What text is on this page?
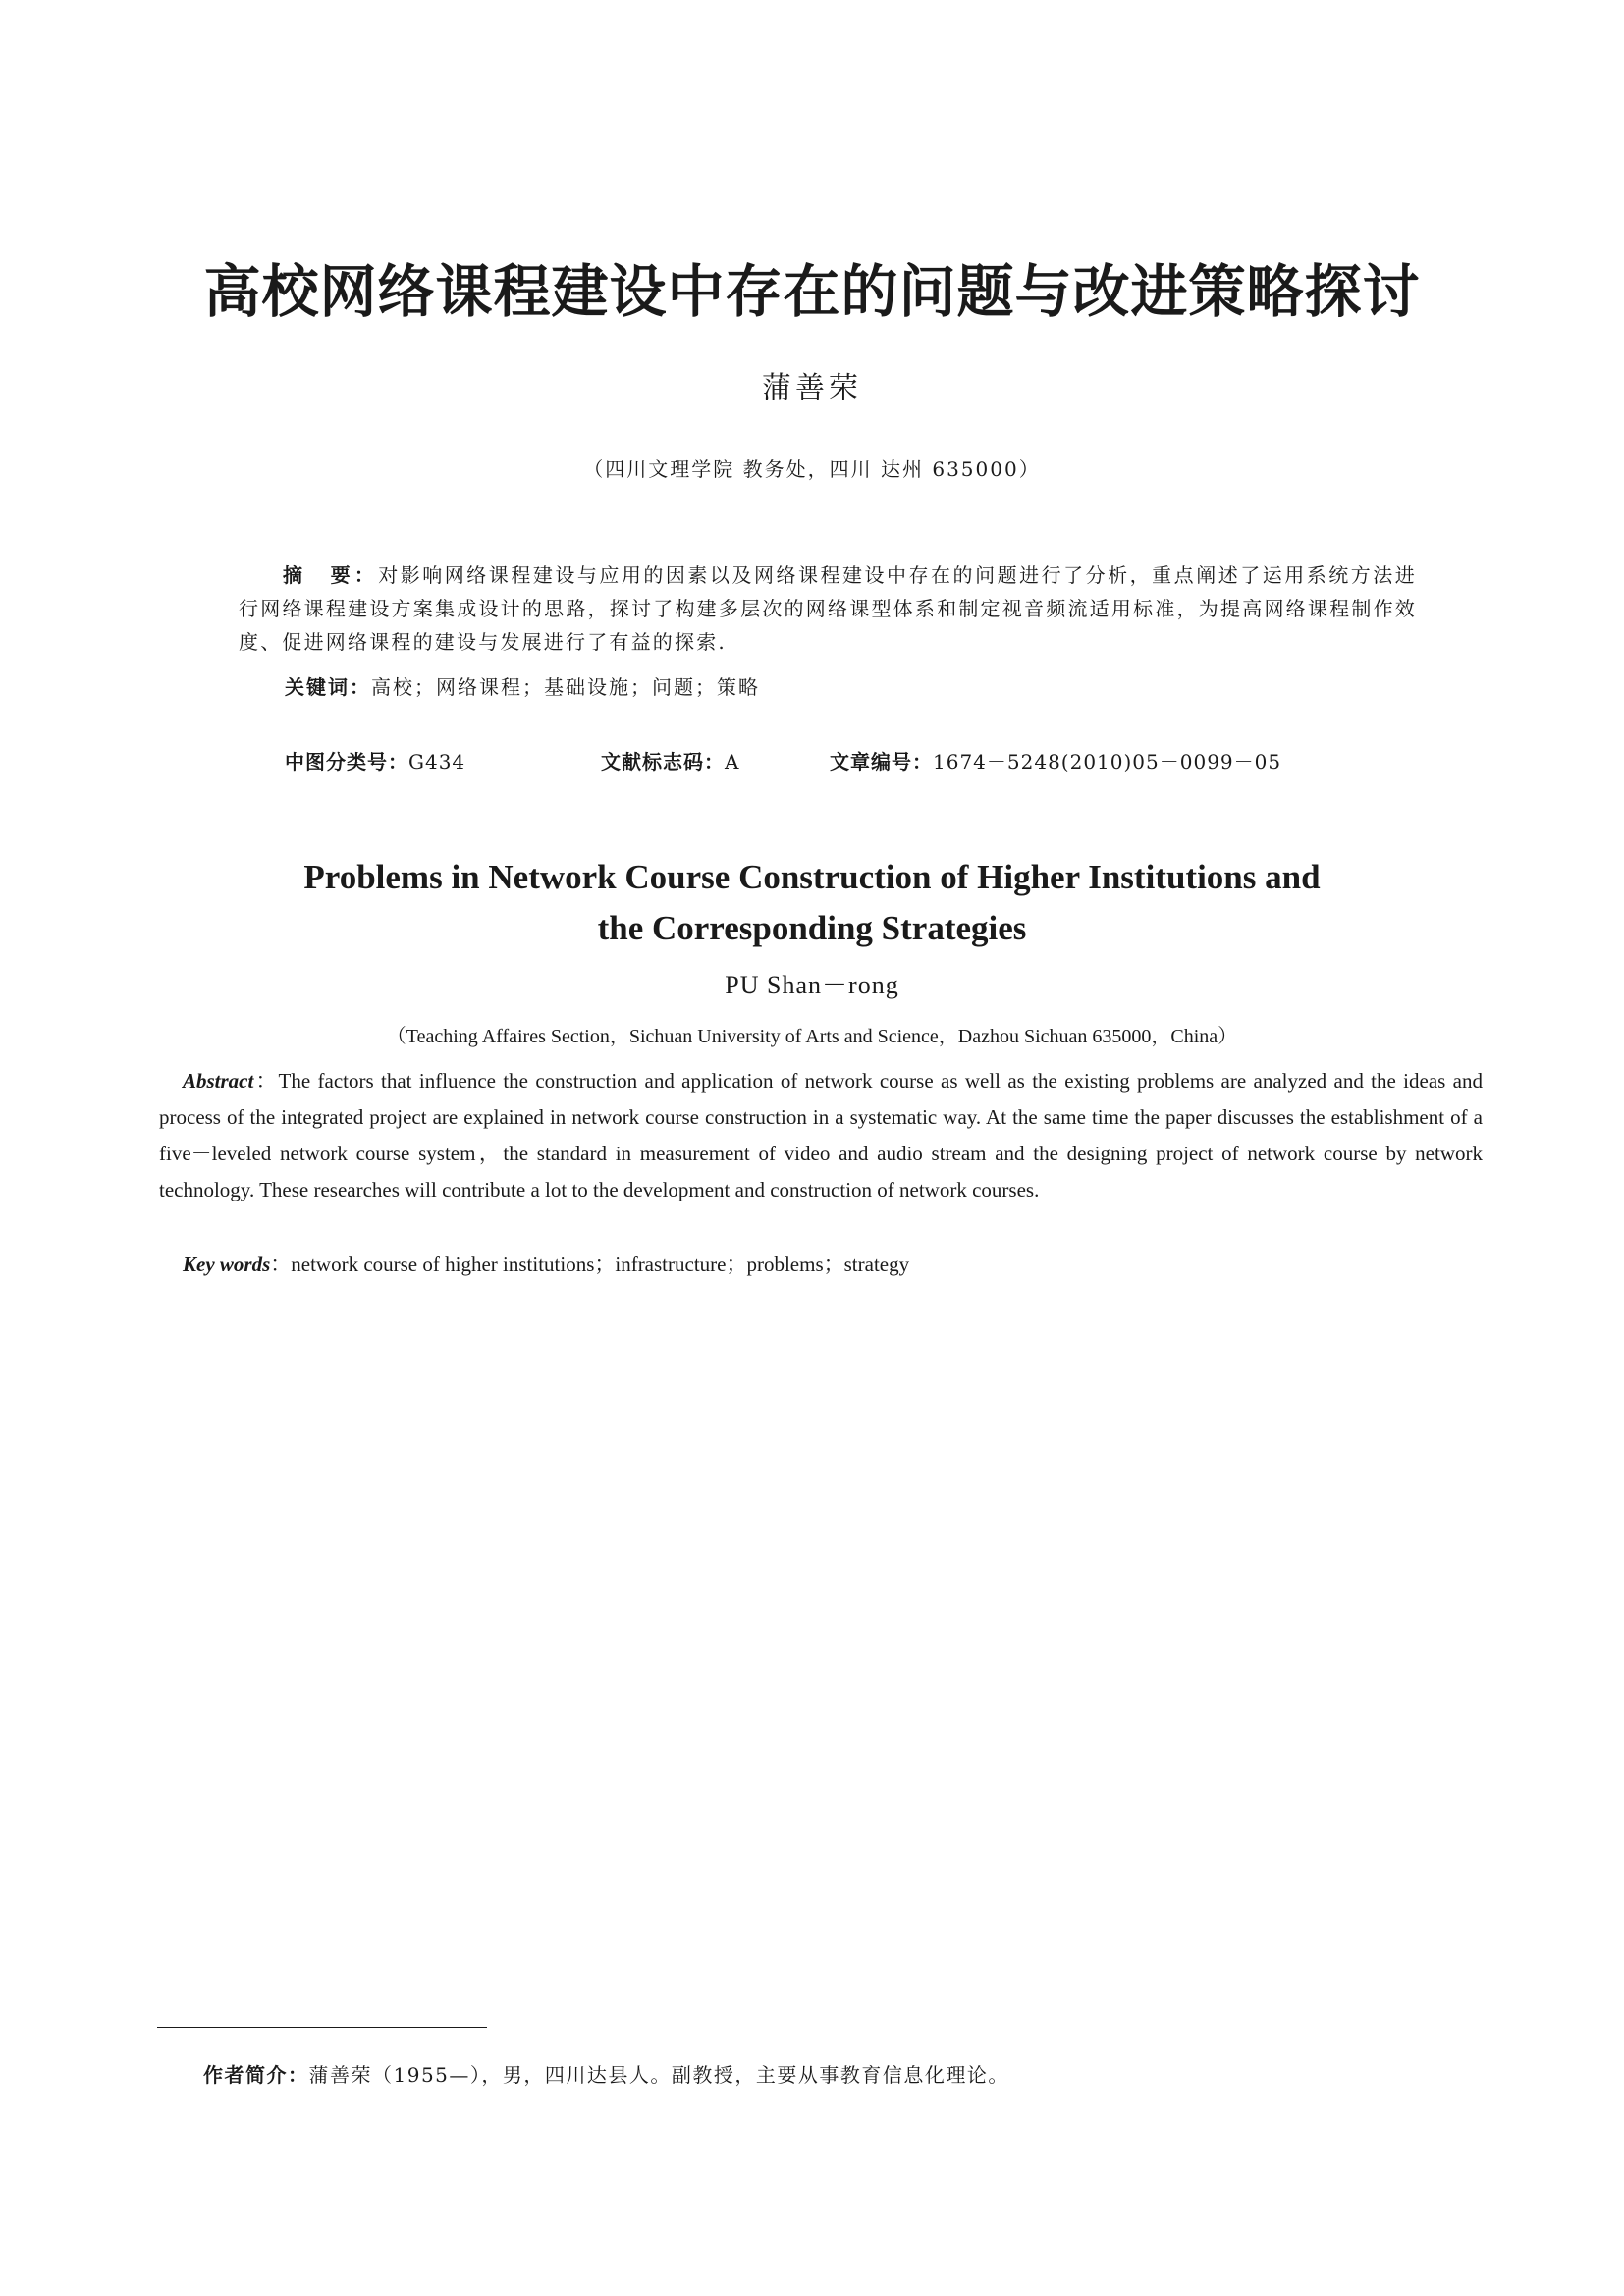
高校网络课程建设中存在的问题与改进策略探讨
蒲善荣
（四川文理学院 教务处，四川 达州 635000）
摘　要：对影响网络课程建设与应用的因素以及网络课程建设中存在的问题进行了分析，重点阐述了运用系统方法进行网络课程建设方案集成设计的思路，探讨了构建多层次的网络课型体系和制定视音频流适用标准，为提高网络课程制作效度、促进网络课程的建设与发展进行了有益的探索.
关键词：高校；网络课程；基础设施；问题；策略
中图分类号：G434	文献标志码：A	文章编号：1674－5248(2010)05－0099－05
Problems in Network Course Construction of Higher Institutions and
the Corresponding Strategies
PU Shan－rong
（Teaching Affaires Section，Sichuan University of Arts and Science，Dazhou Sichuan 635000，China）
Abstract：The factors that influence the construction and application of network course as well as the existing problems are analyzed and the ideas and process of the integrated project are explained in network course construction in a systematic way. At the same time the paper discusses the establishment of a five－leveled network course system，the standard in measurement of video and audio stream and the designing project of network course by network technology. These researches will contribute a lot to the development and construction of network courses.
Key words：network course of higher institutions；infrastructure；problems；strategy
作者简介：蒲善荣（1955—），男，四川达县人。副教授，主要从事教育信息化理论。
